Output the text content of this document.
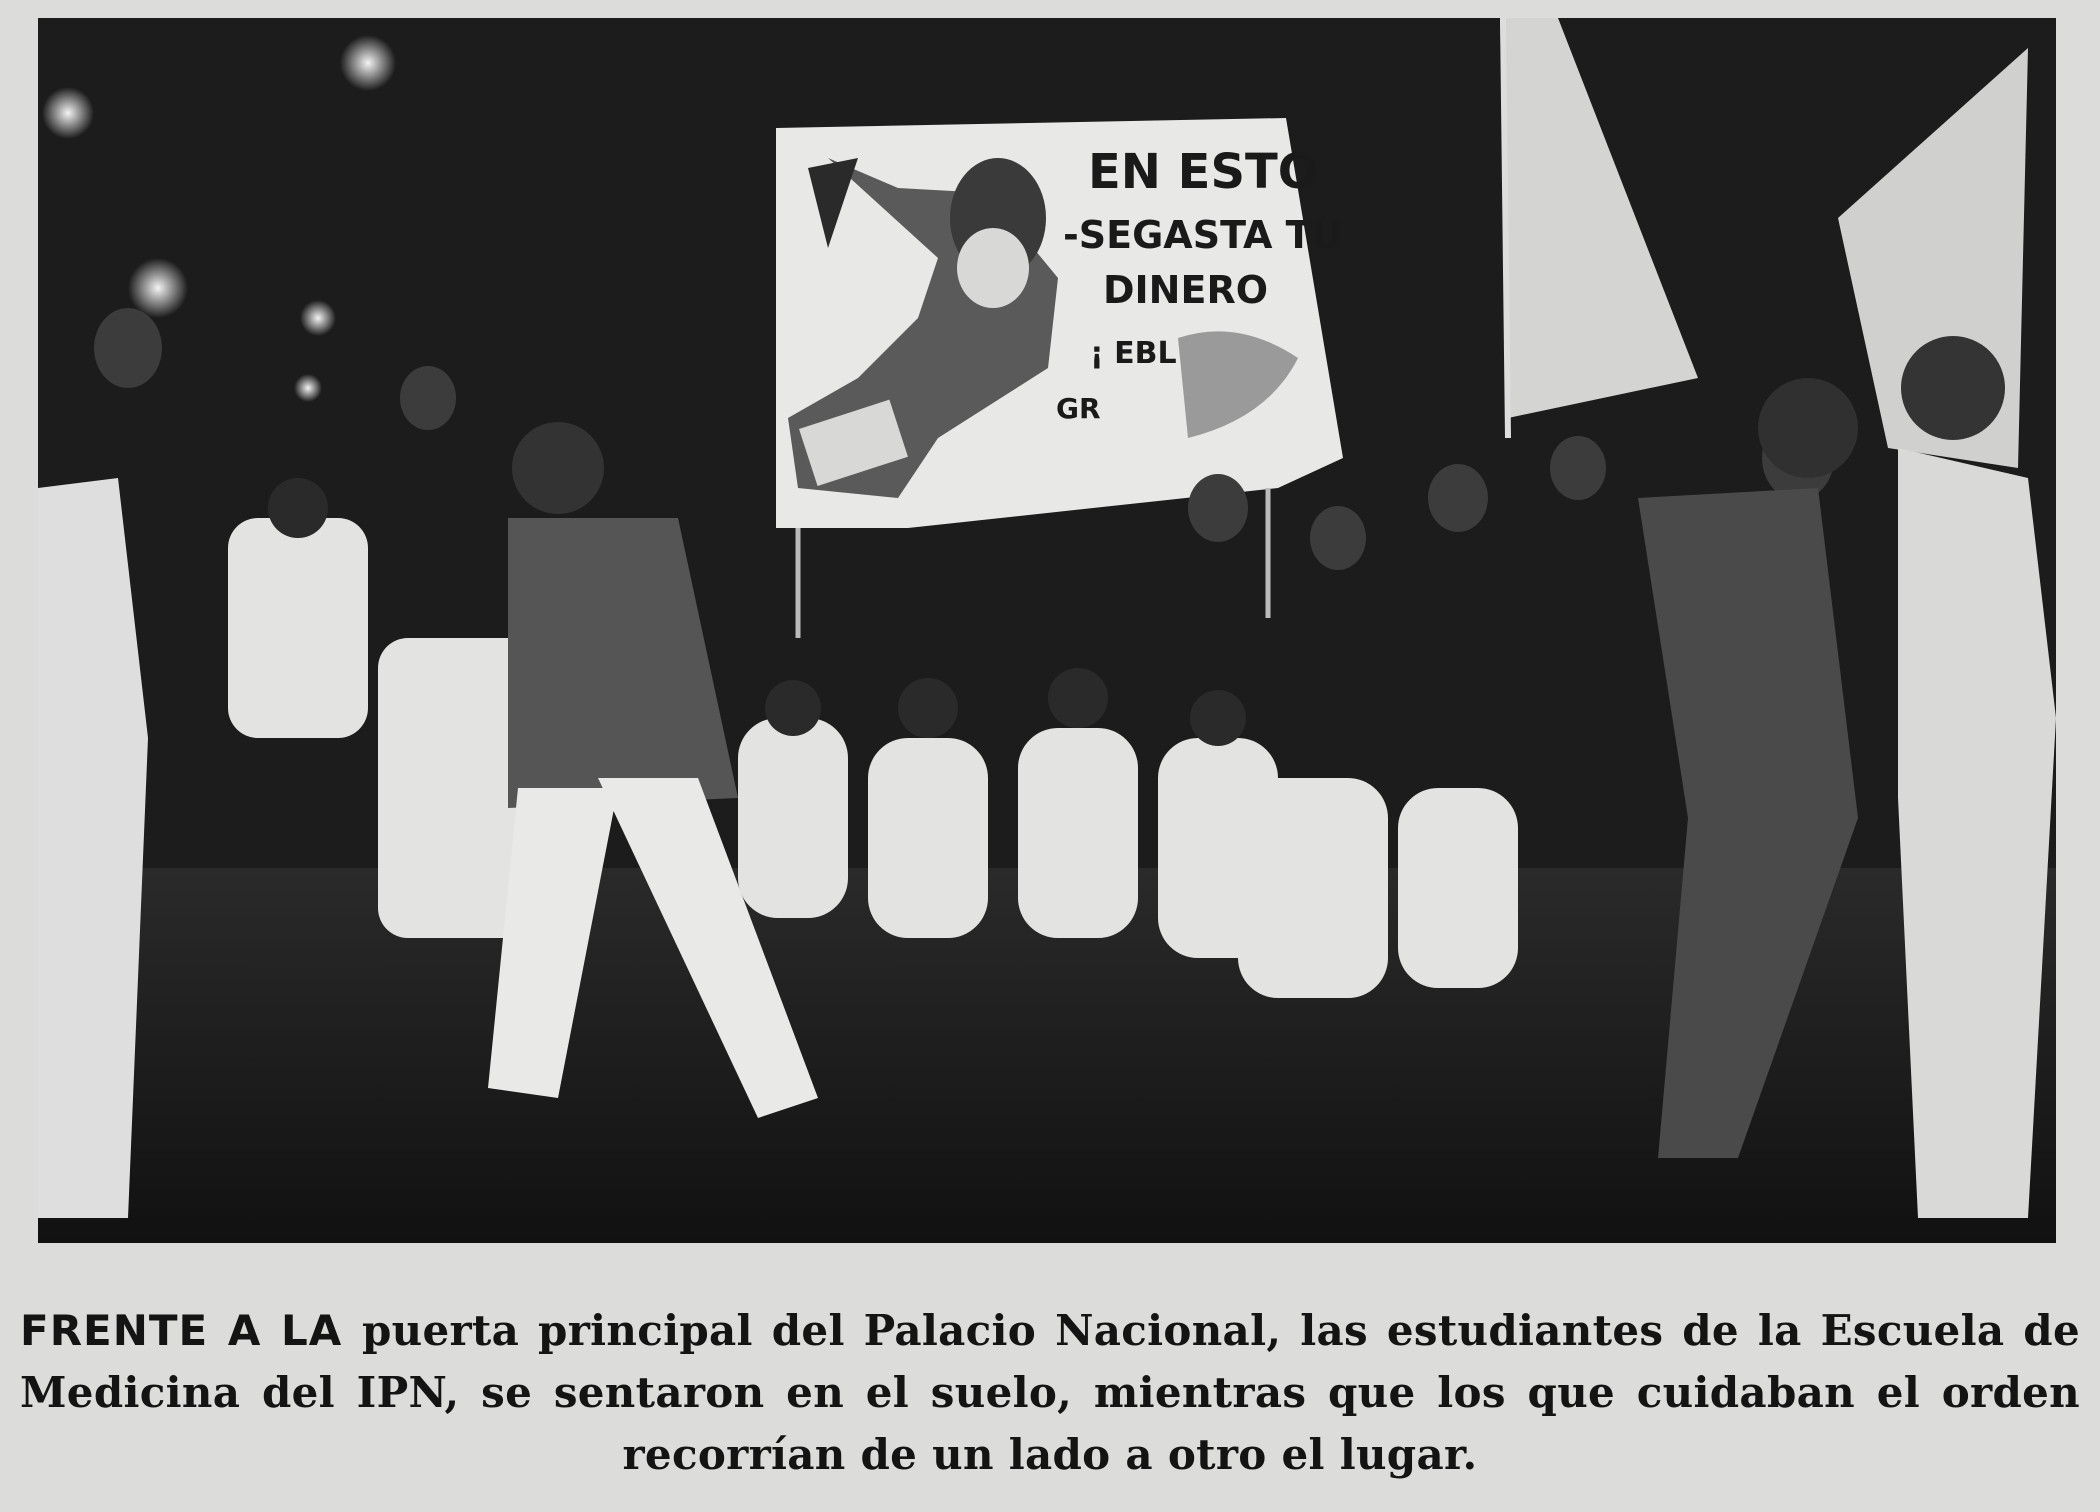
EN ESTO
-SEGASTA TU
DINERO
¡ EBL
GR
FRENTE A LA puerta principal del Palacio Nacional, las estudiantes de la Escuela de Medicina del IPN, se sentaron en el suelo, mientras que los que cuidaban el orden recorrían de un lado a otro el lugar.
